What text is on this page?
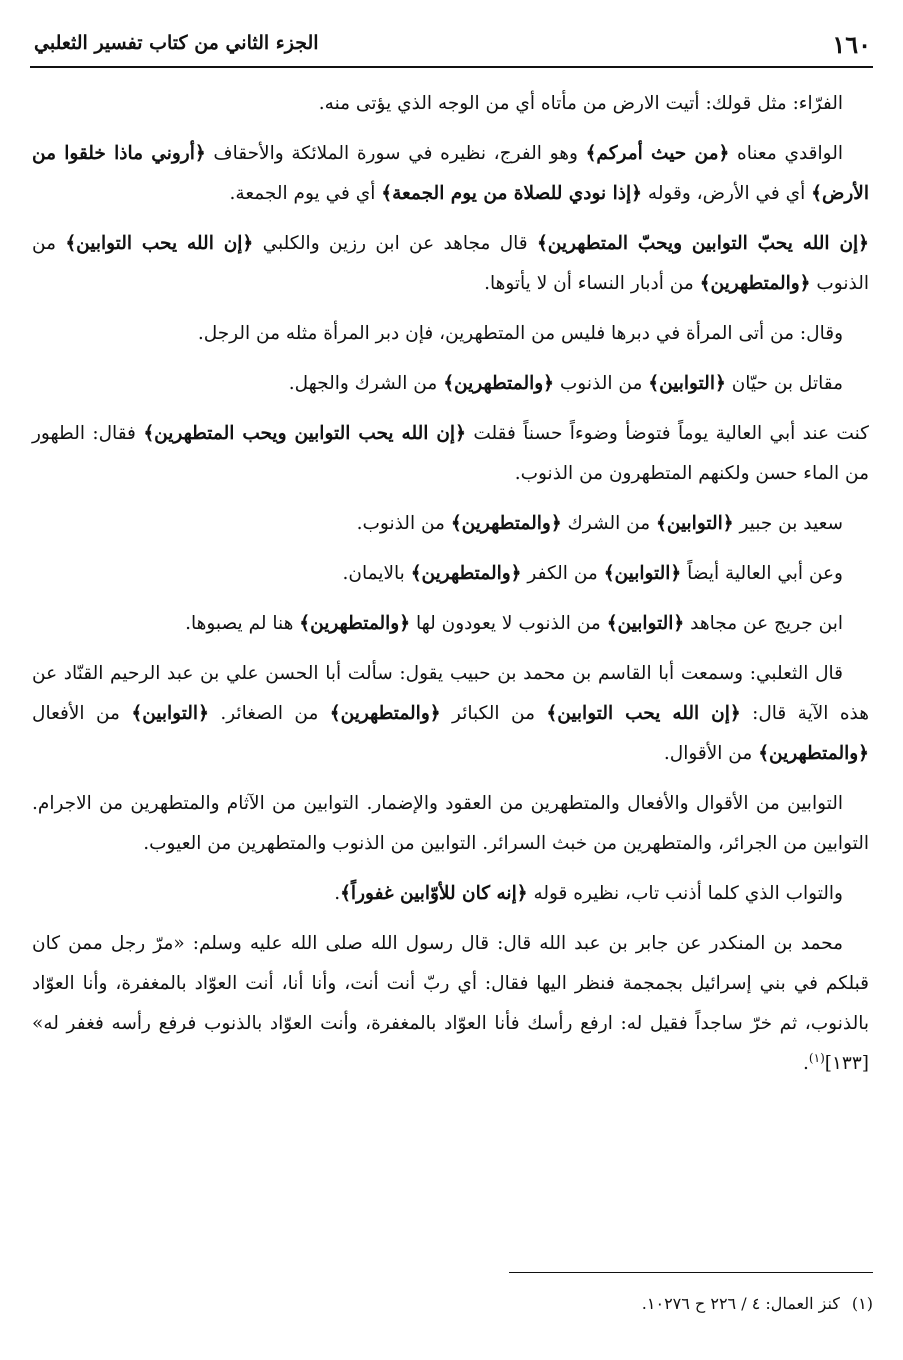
١٦٠
الجزء الثاني من كتاب تفسير الثعلبي

الفرّاء: مثل قولك: أتيت الارض من مأتاه أي من الوجه الذي يؤتى منه.

الواقدي معناه ﴿من حيث أمركم﴾ وهو الفرج، نظيره في سورة الملائكة والأحقاف ﴿أروني ماذا خلقوا من الأرض﴾ أي في الأرض، وقوله ﴿إذا نودي للصلاة من يوم الجمعة﴾ أي في يوم الجمعة.

﴿إن الله يحبّ التوابين ويحبّ المتطهرين﴾ قال مجاهد عن ابن رزين والكلبي ﴿إن الله يحب التوابين﴾ من الذنوب ﴿والمتطهرين﴾ من أدبار النساء أن لا يأتوها.

وقال: من أتى المرأة في دبرها فليس من المتطهرين، فإن دبر المرأة مثله من الرجل.

مقاتل بن حيّان ﴿التوابين﴾ من الذنوب ﴿والمتطهرين﴾ من الشرك والجهل.

كنت عند أبي العالية يوماً فتوضأ وضوءاً حسناً فقلت ﴿إن الله يحب التوابين ويحب المتطهرين﴾ فقال: الطهور من الماء حسن ولكنهم المتطهرون من الذنوب.

سعيد بن جبير ﴿التوابين﴾ من الشرك ﴿والمتطهرين﴾ من الذنوب.

وعن أبي العالية أيضاً ﴿التوابين﴾ من الكفر ﴿والمتطهرين﴾ بالايمان.

ابن جريج عن مجاهد ﴿التوابين﴾ من الذنوب لا يعودون لها ﴿والمتطهرين﴾ هنا لم يصبوها.

قال الثعلبي: وسمعت أبا القاسم بن محمد بن حبيب يقول: سألت أبا الحسن علي بن عبد الرحيم القنّاد عن هذه الآية قال: ﴿إن الله يحب التوابين﴾ من الكبائر ﴿والمتطهرين﴾ من الصغائر. ﴿التوابين﴾ من الأفعال ﴿والمتطهرين﴾ من الأقوال.

التوابين من الأقوال والأفعال والمتطهرين من العقود والإضمار. التوابين من الآثام والمتطهرين من الاجرام. التوابين من الجرائر، والمتطهرين من خبث السرائر. التوابين من الذنوب والمتطهرين من العيوب.

والتواب الذي كلما أذنب تاب، نظيره قوله ﴿إنه كان للأوّابين غفوراً﴾.

محمد بن المنكدر عن جابر بن عبد الله قال: قال رسول الله صلى الله عليه وسلم: «مرّ رجل ممن كان قبلكم في بني إسرائيل بجمجمة فنظر اليها فقال: أي ربّ أنت أنت، وأنا أنا، أنت العوّاد بالمغفرة، وأنا العوّاد بالذنوب، ثم خرّ ساجداً فقيل له: ارفع رأسك فأنا العوّاد بالمغفرة، وأنت العوّاد بالذنوب فرفع رأسه فغفر له» [١٣٣]$^{(١)}$.

(١)كنز العمال: ٤ / ٢٢٦ ح ١٠٢٧٦.
